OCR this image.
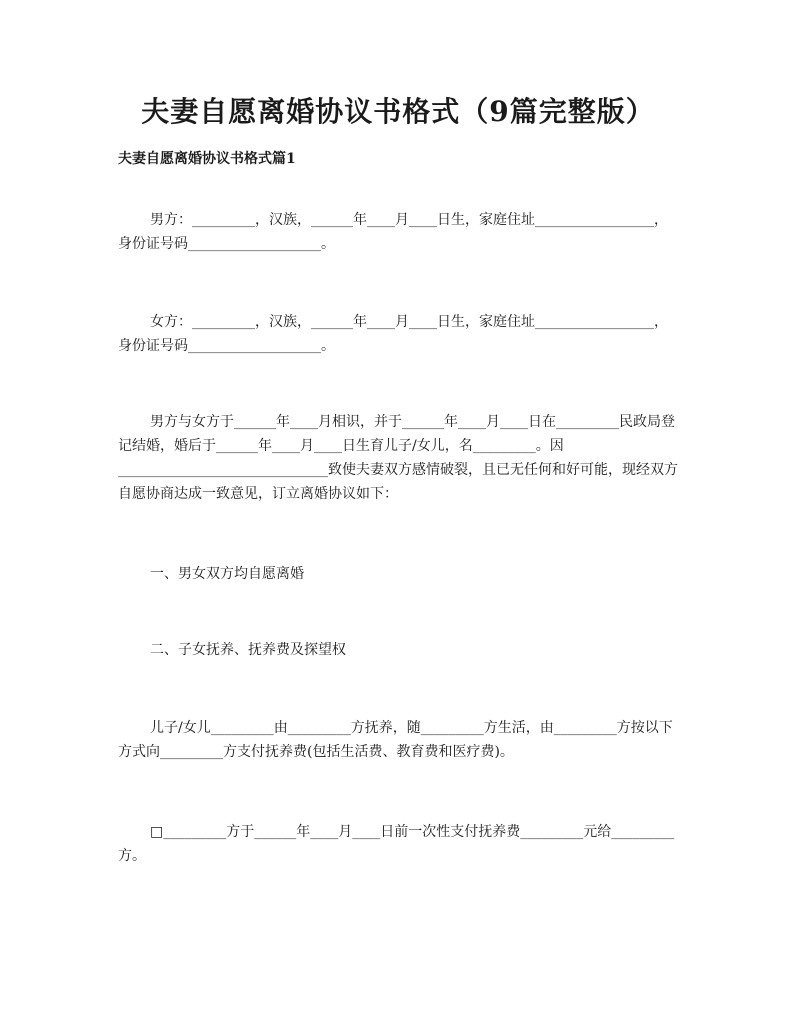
夫妻自愿离婚协议书格式（9篇完整版）
夫妻自愿离婚协议书格式篇1

男方：_________，汉族，______年____月____日生，家庭住址_________________，身份证号码___________________。

女方：_________，汉族，______年____月____日生，家庭住址_________________，身份证号码___________________。

男方与女方于______年____月相识，并于______年____月____日在_________民政局登记结婚，婚后于______年____月____日生育儿子/女儿，名_________。因______________________________致使夫妻双方感情破裂，且已无任何和好可能，现经双方自愿协商达成一致意见，订立离婚协议如下：

一、男女双方均自愿离婚

二、子女抚养、抚养费及探望权

儿子/女儿_________由_________方抚养，随_________方生活，由_________方按以下方式向_________方支付抚养费(包括生活费、教育费和医疗费)。

□_________方于______年____月____日前一次性支付抚养费_________元给_________方。
